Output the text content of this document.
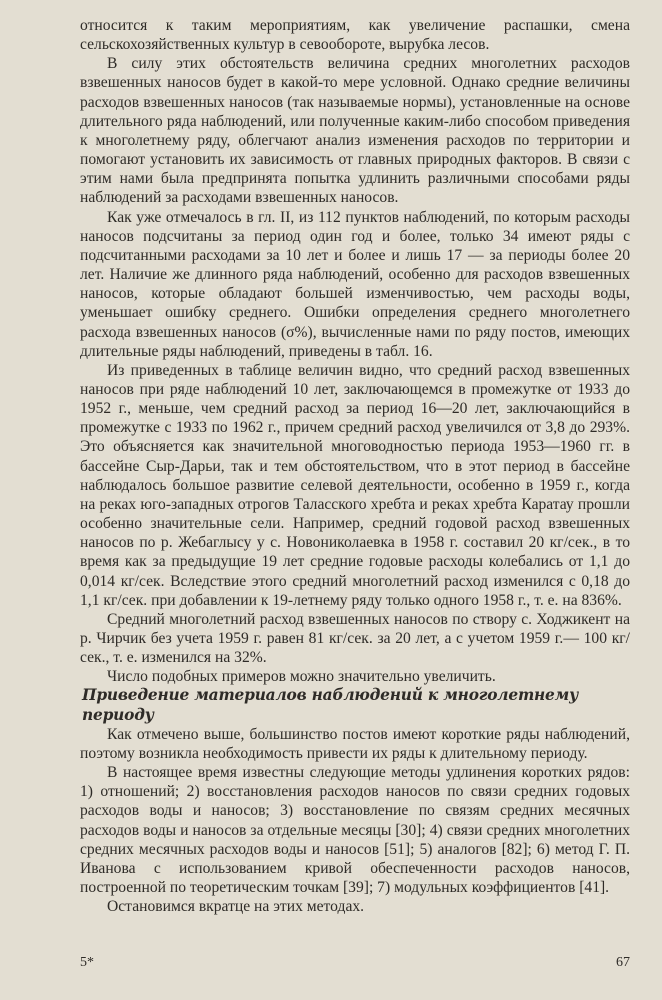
относится к таким мероприятиям, как увеличение распашки, смена сельскохозяйственных культур в севообороте, вырубка лесов.

В силу этих обстоятельств величина средних многолетних расходов взвешенных наносов будет в какой-то мере условной. Однако средние величины расходов взвешенных наносов (так называемые нормы), установленные на основе длительного ряда наблюдений, или полученные каким-либо способом приведения к многолетнему ряду, облегчают анализ изменения расходов по территории и помогают установить их зависимость от главных природных факторов. В связи с этим нами была предпринята попытка удлинить различными способами ряды наблюдений за расходами взвешенных наносов.

Как уже отмечалось в гл. II, из 112 пунктов наблюдений, по которым расходы наносов подсчитаны за период один год и более, только 34 имеют ряды с подсчитанными расходами за 10 лет и более и лишь 17 — за периоды более 20 лет. Наличие же длинного ряда наблюдений, особенно для расходов взвешенных наносов, которые обладают большей изменчивостью, чем расходы воды, уменьшает ошибку среднего. Ошибки определения среднего многолетнего расхода взвешенных наносов (σ%), вычисленные нами по ряду постов, имеющих длительные ряды наблюдений, приведены в табл. 16.

Из приведенных в таблице величин видно, что средний расход взвешенных наносов при ряде наблюдений 10 лет, заключающемся в промежутке от 1933 до 1952 г., меньше, чем средний расход за период 16—20 лет, заключающийся в промежутке с 1933 по 1962 г., причем средний расход увеличился от 3,8 до 293%. Это объясняется как значительной многоводностью периода 1953—1960 гг. в бассейне Сыр-Дарьи, так и тем обстоятельством, что в этот период в бассейне наблюдалось большое развитие селевой деятельности, особенно в 1959 г., когда на реках юго-западных отрогов Таласского хребта и реках хребта Каратау прошли особенно значительные сели. Например, средний годовой расход взвешенных наносов по р. Жебаглысу у с. Новониколаевка в 1958 г. составил 20 кг/сек., в то время как за предыдущие 19 лет средние годовые расходы колебались от 1,1 до 0,014 кг/сек. Вследствие этого средний многолетний расход изменился с 0,18 до 1,1 кг/сек. при добавлении к 19-летнему ряду только одного 1958 г., т. е. на 836%.

Средний многолетний расход взвешенных наносов по створу с. Ходжикент на р. Чирчик без учета 1959 г. равен 81 кг/сек. за 20 лет, а с учетом 1959 г.— 100 кг/сек., т. е. изменился на 32%.

Число подобных примеров можно значительно увеличить.

Приведение материалов наблюдений к многолетнему периоду

Как отмечено выше, большинство постов имеют короткие ряды наблюдений, поэтому возникла необходимость привести их ряды к длительному периоду.

В настоящее время известны следующие методы удлинения коротких рядов: 1) отношений; 2) восстановления расходов наносов по связи средних годовых расходов воды и наносов; 3) восстановление по связям средних месячных расходов воды и наносов за отдельные месяцы [30]; 4) связи средних многолетних средних месячных расходов воды и наносов [51]; 5) аналогов [82]; 6) метод Г. П. Иванова с использованием кривой обеспеченности расходов наносов, построенной по теоретическим точкам [39]; 7) модульных коэффициентов [41].

Остановимся вкратце на этих методах.

5*	67
